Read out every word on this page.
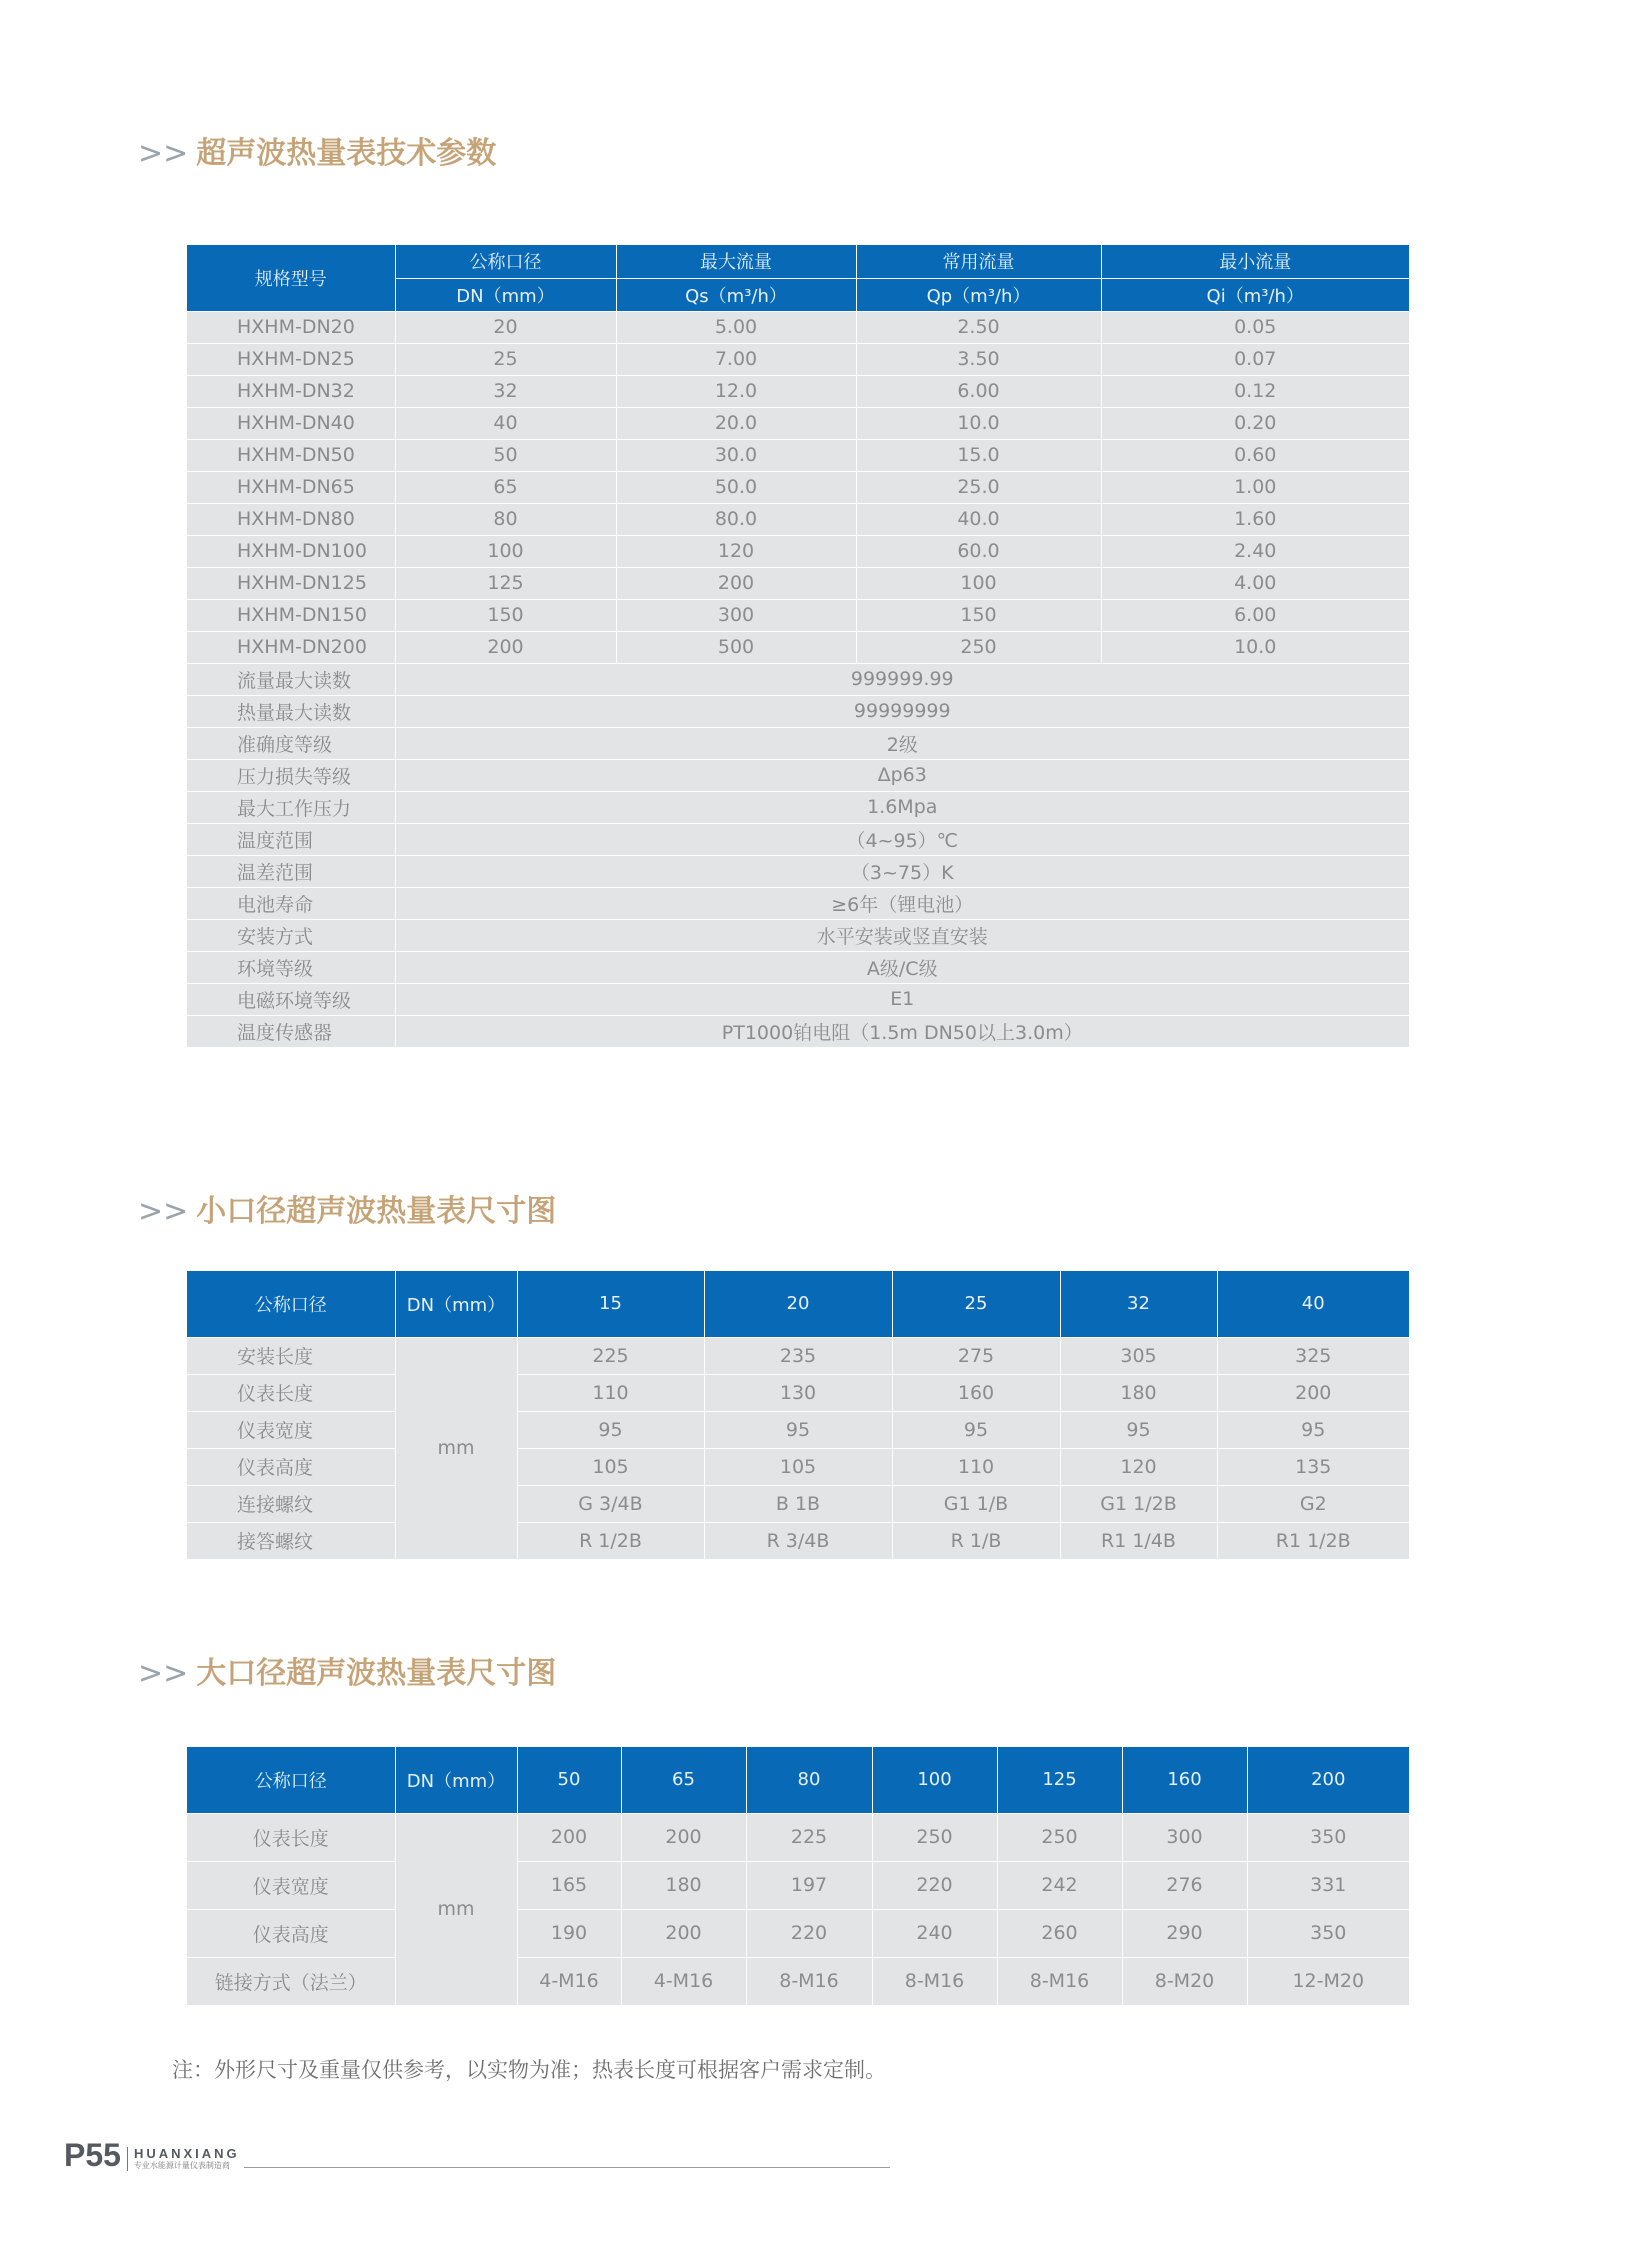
>> 超声波热量表技术参数
规格型号	公称口径	最大流量	常用流量	最小流量
	DN（mm）	Qs（m³/h）	Qp（m³/h）	Qi（m³/h）
HXHM-DN20	20	5.00	2.50	0.05
HXHM-DN25	25	7.00	3.50	0.07
HXHM-DN32	32	12.0	6.00	0.12
HXHM-DN40	40	20.0	10.0	0.20
HXHM-DN50	50	30.0	15.0	0.60
HXHM-DN65	65	50.0	25.0	1.00
HXHM-DN80	80	80.0	40.0	1.60
HXHM-DN100	100	120	60.0	2.40
HXHM-DN125	125	200	100	4.00
HXHM-DN150	150	300	150	6.00
HXHM-DN200	200	500	250	10.0
流量最大读数	999999.99			
热量最大读数	99999999			
准确度等级	2级			
压力损失等级	Δp63			
最大工作压力	1.6Mpa			
温度范围	（4~95）℃			
温差范围	（3~75）K			
电池寿命	≥6年（锂电池）			
安装方式	水平安装或竖直安装			
环境等级	A级/C级			
电磁环境等级	E1			
温度传感器	PT1000铂电阻（1.5m DN50以上3.0m）			
>> 小口径超声波热量表尺寸图
公称口径	DN（mm）	15	20	25	32	40
安装长度	mm	225	235	275	305	325
仪表长度		110	130	160	180	200
仪表宽度		95	95	95	95	95
仪表高度		105	105	110	120	135
连接螺纹		G 3/4B	B 1B	G1 1/B	G1 1/2B	G2
接答螺纹		R 1/2B	R 3/4B	R 1/B	R1 1/4B	R1 1/2B
>> 大口径超声波热量表尺寸图
公称口径	DN（mm）	50	65	80	100	125	160	200
仪表长度	mm	200	200	225	250	250	300	350
仪表宽度		165	180	197	220	242	276	331
仪表高度		190	200	220	240	260	290	350
链接方式（法兰）		4-M16	4-M16	8-M16	8-M16	8-M16	8-M20	12-M20

注：外形尺寸及重量仅供参考，以实物为准；热表长度可根据客户需求定制。

P55 HUANXIANG
专业水能源计量仪表制造商
